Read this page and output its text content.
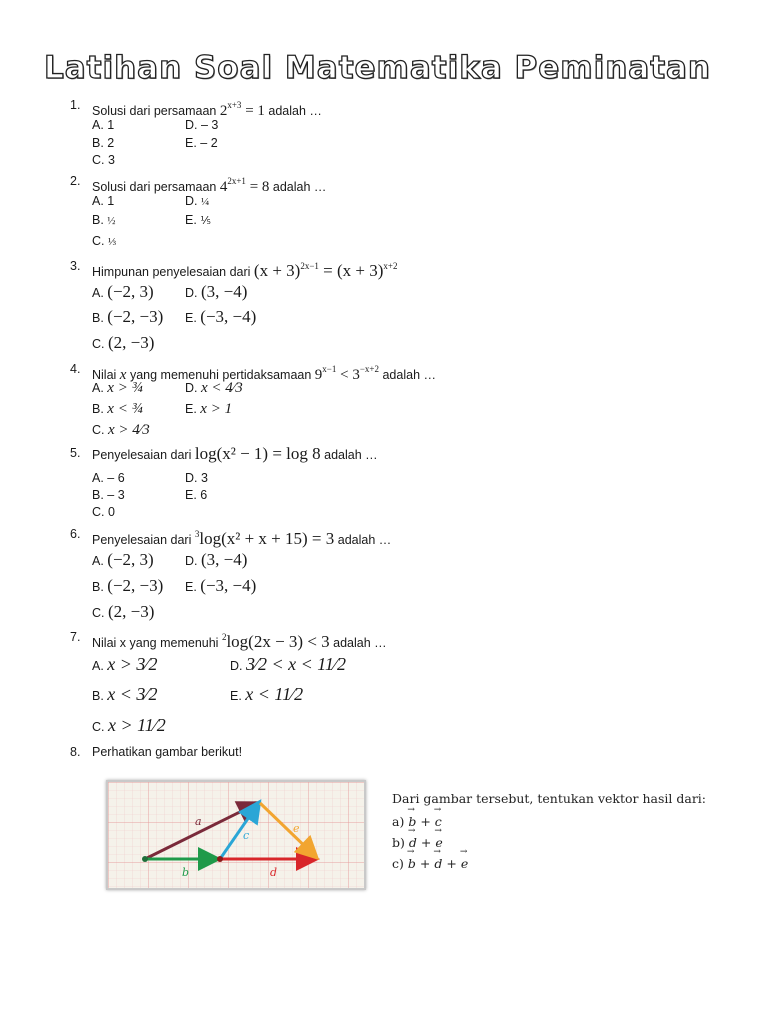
Latihan Soal Matematika Peminatan
1. Solusi dari persamaan $2^{x+3} = 1$ adalah …
A. 1	D. – 3
B. 2	E. – 2
C. 3
2. Solusi dari persamaan $4^{2x+1} = 8$ adalah …
A. 1	D. ¼
B. ½	E. ⅕
C. ⅓
3. Himpunan penyelesaian dari $(x + 3)^{2x-1} = (x + 3)^{x+2}$
A. (−2, 3)	D. (3, −4)
B. (−2, −3) E. (−3, −4)
C. (2, −3)
4. Nilai x yang memenuhi pertidaksamaan $9^{x-1} < 3^{-x+2}$ adalah …
A. x > ¾	D. x < 4⁄3
B. x < ¾	E. x > 1
C. x > 4⁄3
5. Penyelesaian dari log(x² − 1) = log 8 adalah …
A. – 6	D. 3
B. – 3	E. 6
C. 0
6. Penyelesaian dari $^3$log(x² + x + 15) = 3 adalah …
A. (−2, 3)	D. (3, −4)
B. (−2, −3) E. (−3, −4)
C. (2, −3)
7. Nilai x yang memenuhi $^2$log(2x − 3) < 3 adalah …
A. x > 3⁄2	D. 3⁄2 < x < 11⁄2
B. x < 3⁄2	E. x < 11⁄2
C. x > 11⁄2
8. Perhatikan gambar berikut!
a
b
c
d
e
Dari gambar tersebut, tentukan vektor hasil dari:
a) → b + → c
b) → d + → e
c) → b + → d + → e
